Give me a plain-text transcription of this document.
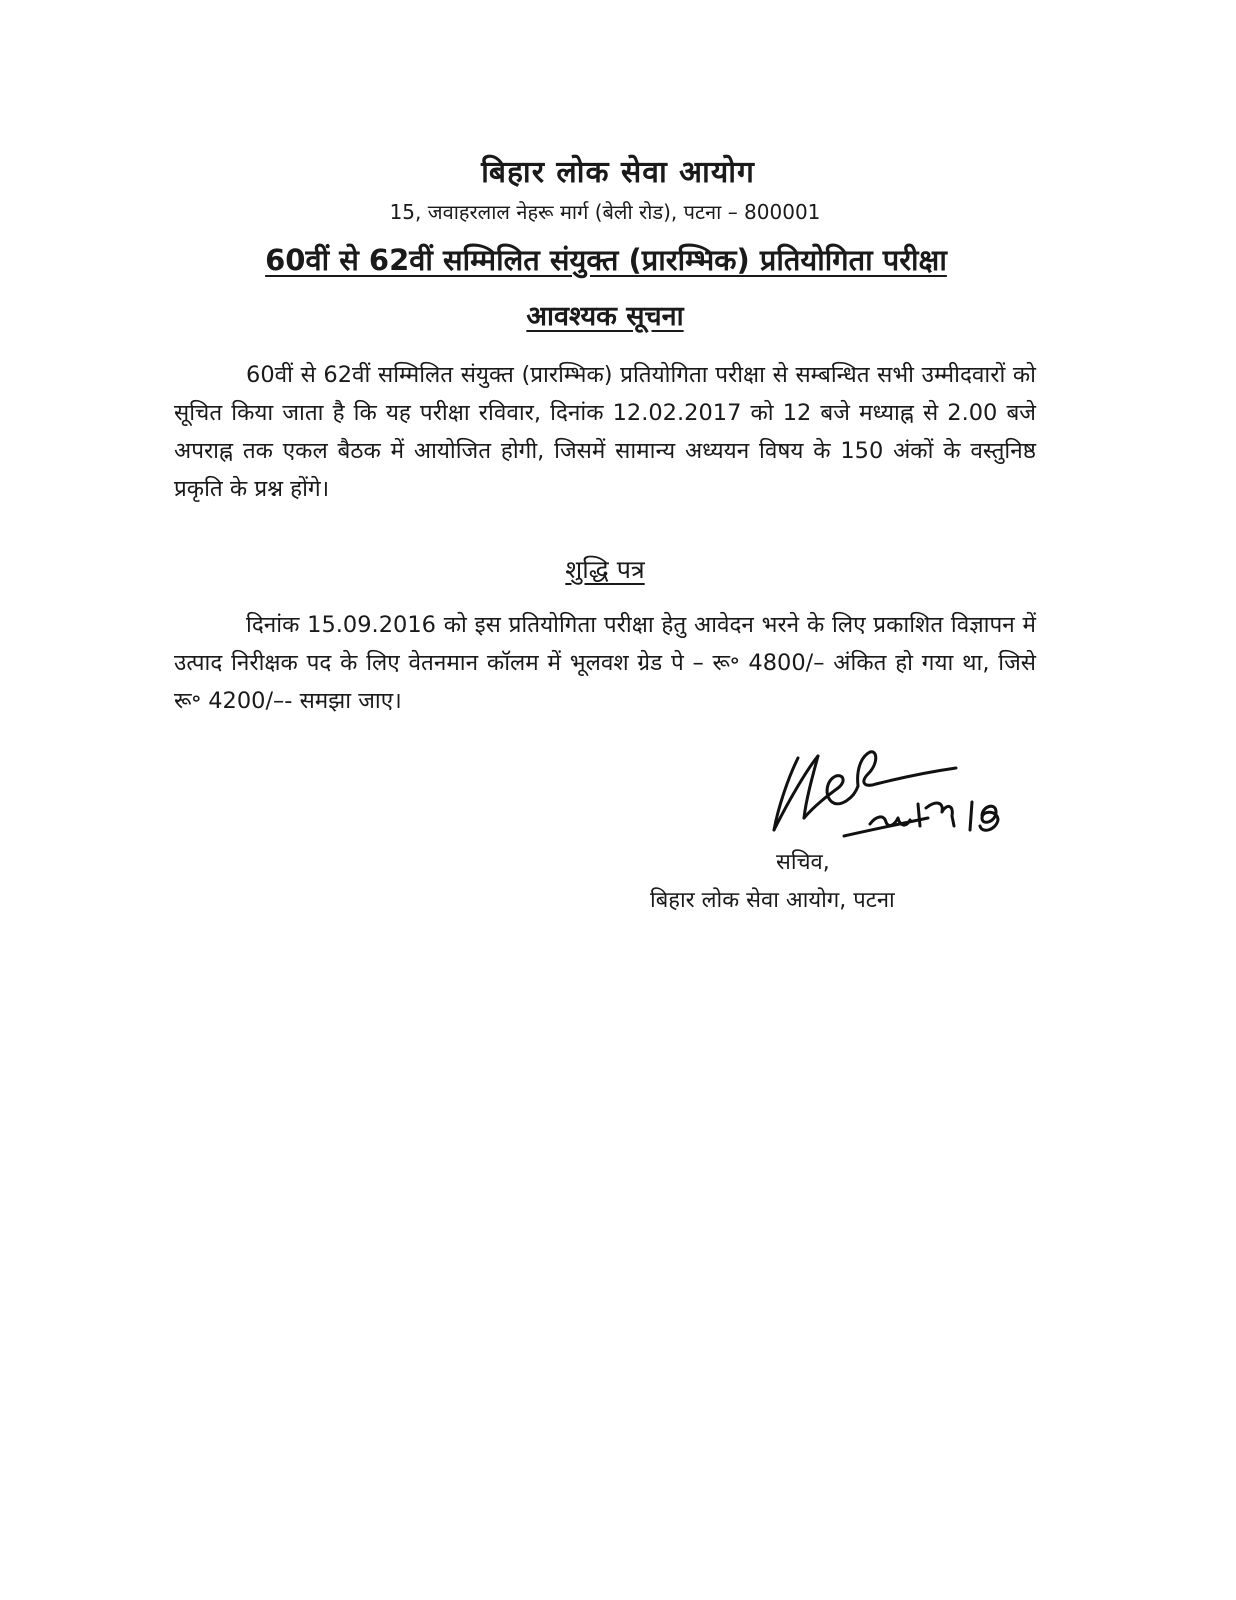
बिहार लोक सेवा आयोग
15, जवाहरलाल नेहरू मार्ग (बेली रोड), पटना – 800001
60वीं से 62वीं सम्मिलित संयुक्त (प्रारम्भिक) प्रतियोगिता परीक्षा
आवश्यक सूचना
60वीं से 62वीं सम्मिलित संयुक्त (प्रारम्भिक) प्रतियोगिता परीक्षा से सम्बन्धित सभी उम्मीदवारों को सूचित किया जाता है कि यह परीक्षा रविवार, दिनांक 12.02.2017 को 12 बजे मध्याह्न से 2.00 बजे अपराह्न तक एकल बैठक में आयोजित होगी, जिसमें सामान्य अध्ययन विषय के 150 अंकों के वस्तुनिष्ठ प्रकृति के प्रश्न होंगे।
शुद्धि पत्र
दिनांक 15.09.2016 को इस प्रतियोगिता परीक्षा हेतु आवेदन भरने के लिए प्रकाशित विज्ञापन में उत्पाद निरीक्षक पद के लिए वेतनमान कॉलम में भूलवश ग्रेड पे – रू॰ 4800/– अंकित हो गया था, जिसे रू॰ 4200/–- समझा जाए।
सचिव,
बिहार लोक सेवा आयोग, पटना
